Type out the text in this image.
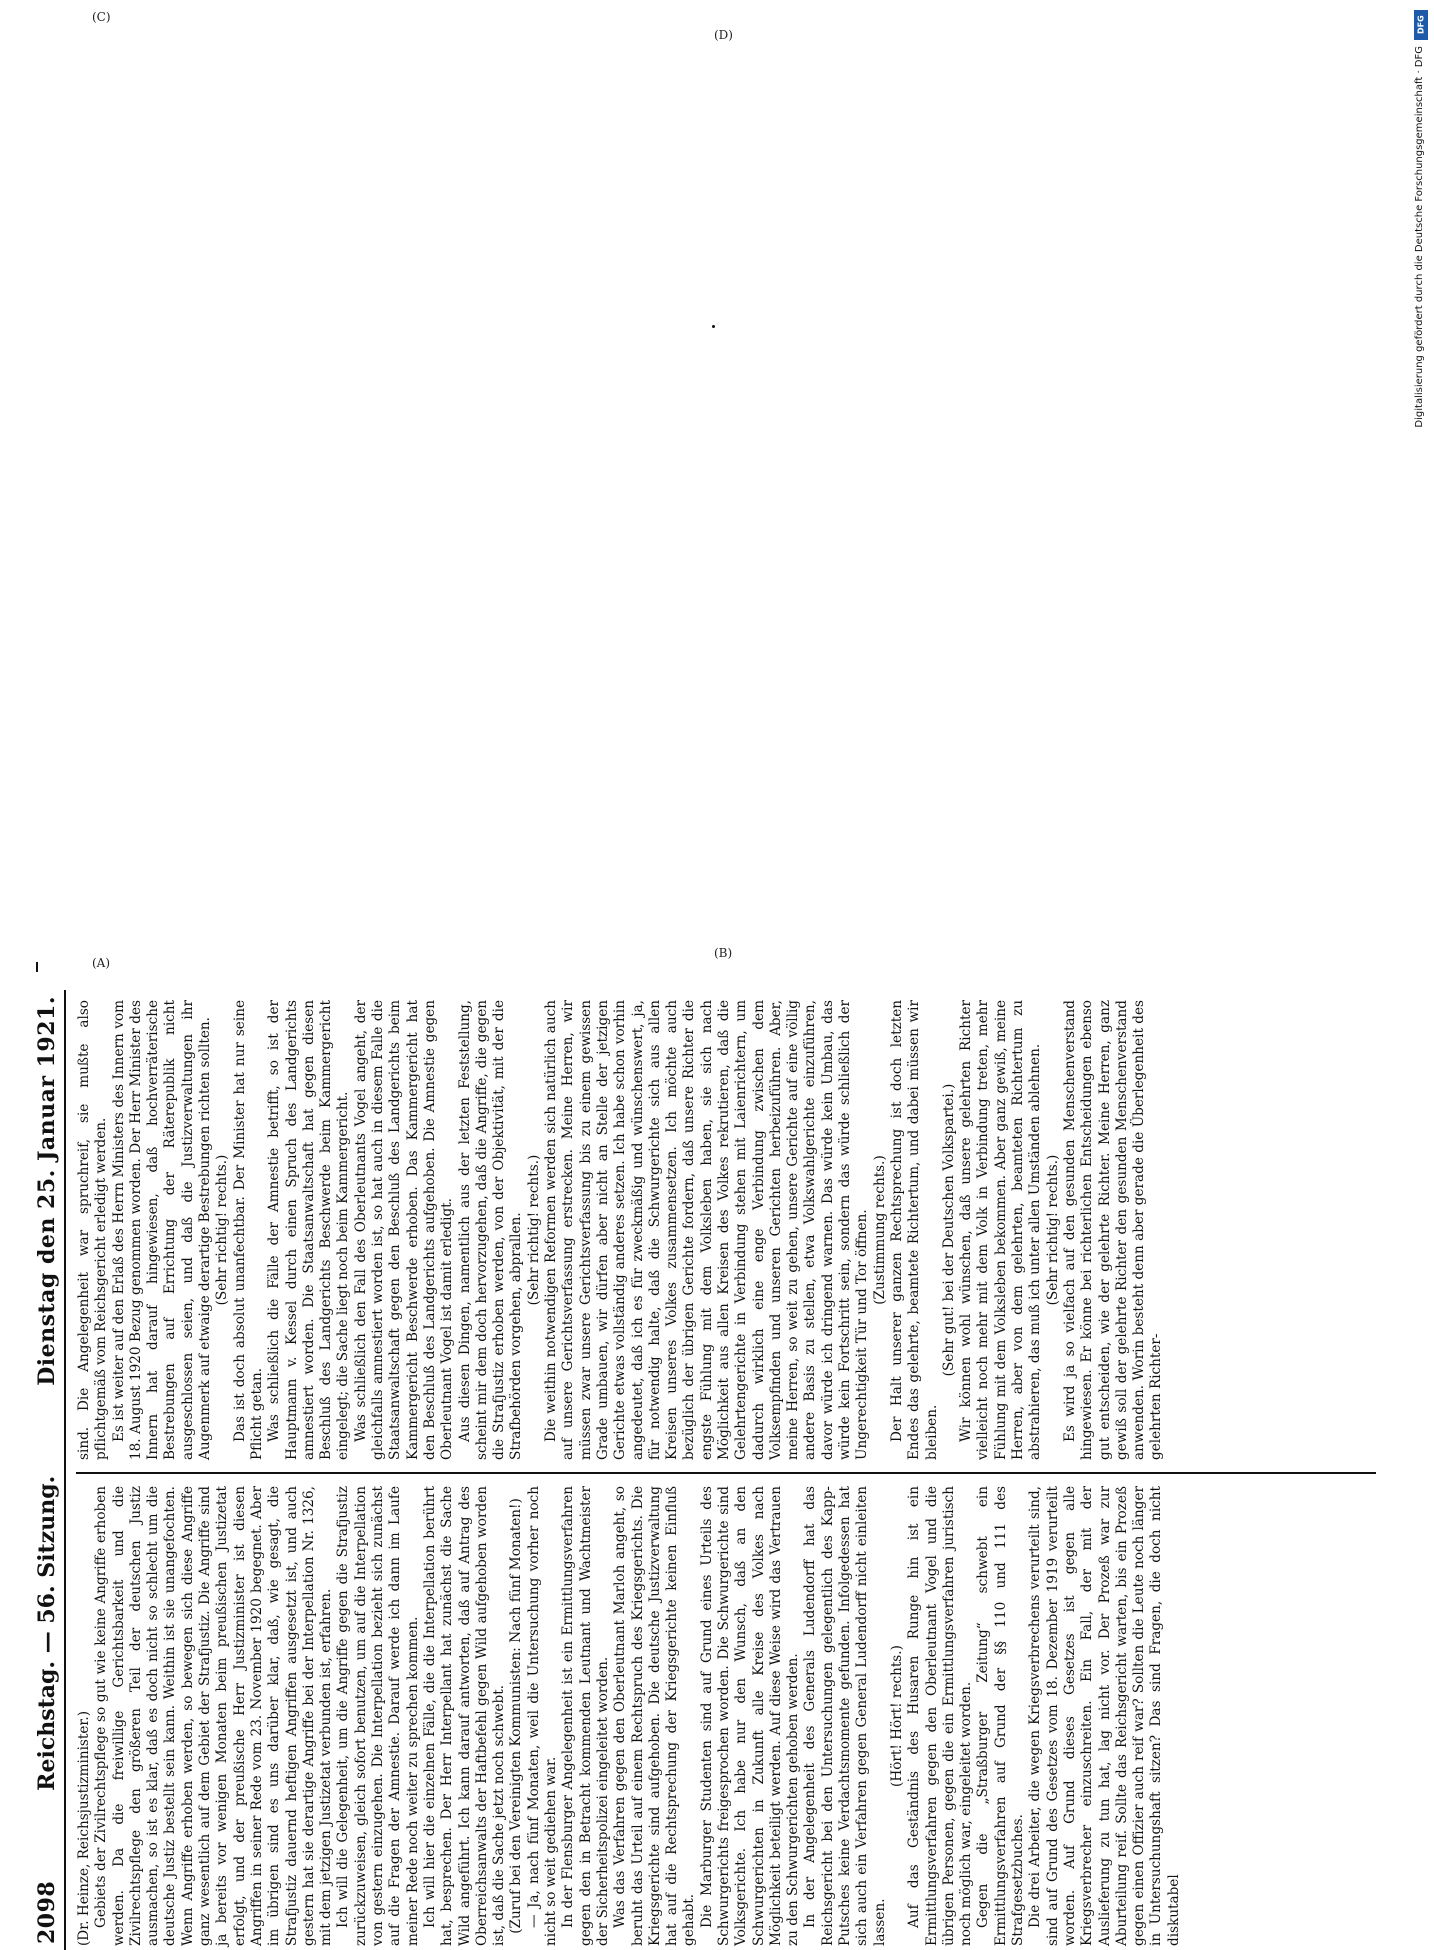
2098
Reichstag. — 56. Sitzung.
Dienstag den 25. Januar 1921.

(Dr. Heinze, Reichsjustizminister.) Gebiets der Zivilrechtspflege so gut wie keine Angriffe erhoben werden. Da die freiwillige Gerichtsbarkeit und die Zivilrechtspflege den größeren Teil der deutschen Justiz ausmachen, so ist es klar, daß es doch nicht so schlecht um die deutsche Justiz bestellt sein kann. Weithin ist sie unangefochten. Wenn Angriffe erhoben werden, so bewegen sich diese Angriffe ganz wesentlich auf dem Gebiet der Strafjustiz. Die Angriffe sind ja bereits vor wenigen Monaten beim preußischen Justizetat erfolgt, und der preußische Herr Justizminister ist diesen Angriffen in seiner Rede vom 23. November 1920 begegnet. Aber im übrigen sind es uns darüber klar, daß, wie gesagt, die Strafjustiz dauernd heftigen Angriffen ausgesetzt ist, und auch gestern hat sie derartige Angriffe bei der Interpellation Nr. 1326, mit dem jetzigen Justizetat verbunden ist, erfahren. Ich will die Gelegenheit, um die Angriffe gegen die Strafjustiz zurückzuweisen, gleich sofort benutzen, um auf die Interpellation von gestern einzugehen. Die Interpellation bezieht sich zunächst auf die Fragen der Amnestie. Darauf werde ich dann im Laufe meiner Rede noch weiter zu sprechen kommen. Ich will hier die einzelnen Fälle, die die Interpellation berührt hat, besprechen. Der Herr Interpellant hat zunächst die Sache Wild angeführt. Ich kann darauf antworten, daß auf Antrag des Oberreichsanwalts der Haftbefehl gegen Wild aufgehoben worden ist, daß die Sache jetzt noch schwebt. (Zuruf bei den Vereinigten Kommunisten: Nach fünf Monaten!) — Ja, nach fünf Monaten, weil die Untersuchung vorher noch nicht so weit gediehen war. In der Flensburger Angelegenheit ist ein Ermittlungsverfahren gegen den in Betracht kommenden Leutnant und Wachtmeister der Sicherheitspolizei eingeleitet worden. Was das Verfahren gegen den Oberleutnant Marloh angeht, so beruht das Urteil auf einem Rechtspruch des Kriegsgerichts. Die Kriegsgerichte sind aufgehoben. Die deutsche Justizverwaltung hat auf die Rechtsprechung der Kriegsgerichte keinen Einfluß gehabt. Die Marburger Studenten sind auf Grund eines Urteils des Schwurgerichts freigesprochen worden. Die Schwurgerichte sind Volksgerichte. Ich habe nur den Wunsch, daß an den Schwurgerichten in Zukunft alle Kreise des Volkes nach Möglichkeit beteiligt werden. Auf diese Weise wird das Vertrauen zu den Schwurgerichten gehoben werden. In der Angelegenheit des Generals Ludendorff hat das Reichsgericht bei den Untersuchungen gelegentlich des Kapp-Putsches keine Verdachtsmomente gefunden. Infolgedessen hat sich auch ein Verfahren gegen General Ludendorff nicht einleiten lassen.

(Hört! Hört! rechts.) Auf das Geständnis des Husaren Runge hin ist ein Ermittlungsverfahren gegen den Oberleutnant Vogel und die übrigen Personen, gegen die ein Ermittlungsverfahren juristisch noch möglich war, eingeleitet worden. Gegen die „Straßburger Zeitung“ schwebt ein Ermittlungsverfahren auf Grund der §§ 110 und 111 des Strafgesetzbuches. Die drei Arbeiter, die wegen Kriegsverbrechens verurteilt sind, sind auf Grund des Gesetzes vom 18. Dezember 1919 verurteilt worden. Auf Grund dieses Gesetzes ist gegen alle Kriegsverbrecher einzuschreiten. Ein Fall, der mit der Auslieferung zu tun hat, lag nicht vor. Der Prozeß war zur Aburteilung reif. Sollte das Reichsgericht warten, bis ein Prozeß gegen einen Offizier auch reif war? Sollten die Leute noch länger in Untersuchungshaft sitzen? Das sind Fragen, die doch nicht diskutabel

sind. Die Angelegenheit war spruchreif, sie mußte also pflichtgemäß vom Reichsgericht erledigt werden. Es ist weiter auf den Erlaß des Herrn Ministers des Innern vom 18. August 1920 Bezug genommen worden. Der Herr Minister des Innern hat darauf hingewiesen, daß hochverräterische Bestrebungen auf Errichtung der Räterepublik nicht ausgeschlossen seien, und daß die Justizverwaltungen ihr Augenmerk auf etwaige derartige Bestrebungen richten sollten. (Sehr richtig! rechts.) Das ist doch absolut unanfechtbar. Der Minister hat nur seine Pflicht getan. Was schließlich die Fälle der Amnestie betrifft, so ist der Hauptmann v. Kessel durch einen Spruch des Landgerichts amnestiert worden. Die Staatsanwaltschaft hat gegen diesen Beschluß des Landgerichts Beschwerde beim Kammergericht eingelegt; die Sache liegt noch beim Kammergericht. Was schließlich den Fall des Oberleutnants Vogel angeht, der gleichfalls amnestiert worden ist, so hat auch in diesem Falle die Staatsanwaltschaft gegen den Beschluß des Landgerichts beim Kammergericht Beschwerde erhoben. Das Kammergericht hat den Beschluß des Landgerichts aufgehoben. Die Amnestie gegen Oberleutnant Vogel ist damit erledigt. Aus diesen Dingen, namentlich aus der letzten Feststellung, scheint mir dem doch hervorzugehen, daß die Angriffe, die gegen die Strafjustiz erhoben werden, von der Objektivität, mit der die Strafbehörden vorgehen, abprallen. (Sehr richtig! rechts.) Die weithin notwendigen Reformen werden sich natürlich auch auf unsere Gerichtsverfassung erstrecken. Meine Herren, wir müssen zwar unsere Gerichtsverfassung bis zu einem gewissen Grade umbauen, wir dürfen aber nicht an Stelle der jetzigen Gerichte etwas vollständig anderes setzen. Ich habe schon vorhin angedeutet, daß ich es für zweckmäßig und wünschenswert, ja, für notwendig halte, daß die Schwurgerichte sich aus allen Kreisen unseres Volkes zusammensetzen. Ich möchte auch bezüglich der übrigen Gerichte fordern, daß unsere Richter die engste Fühlung mit dem Volksleben haben, sie sich nach Möglichkeit aus allen Kreisen des Volkes rekrutieren, daß die Gelehrtengerichte in Verbindung stehen mit Laienrichtern, um dadurch wirklich eine enge Verbindung zwischen dem Volksempfinden und unseren Gerichten herbeizuführen. Aber, meine Herren, so weit zu gehen, unsere Gerichte auf eine völlig andere Basis zu stellen, etwa Volkswahlgerichte einzuführen, davor würde ich dringend warnen. Das würde kein Umbau, das würde kein Fortschritt sein, sondern das würde schließlich der Ungerechtigkeit Tür und Tor öffnen. (Zustimmung rechts.) Der Halt unserer ganzen Rechtsprechung ist doch letzten Endes das gelehrte, beamtete Richtertum, und dabei müssen wir bleiben.

(Sehr gut! bei der Deutschen Volkspartei.) Wir können wohl wünschen, daß unsere gelehrten Richter vielleicht noch mehr mit dem Volk in Verbindung treten, mehr Fühlung mit dem Volksleben bekommen. Aber ganz gewiß, meine Herren, aber von dem gelehrten, beamteten Richtertum zu abstrahieren, das muß ich unter allen Umständen ablehnen. (Sehr richtig! rechts.) Es wird ja so vielfach auf den gesunden Menschenverstand hingewiesen. Er könne bei richterlichen Entscheidungen ebenso gut entscheiden, wie der gelehrte Richter. Meine Herren, ganz gewiß soll der gelehrte Richter den gesunden Menschenverstand anwenden. Worin besteht denn aber gerade die Überlegenheit des gelehrten Richter-

(A)
(B)
(C)
(D)
DFG
Digitalisierung gefördert durch die Deutsche Forschungsgemeinschaft · DFG
